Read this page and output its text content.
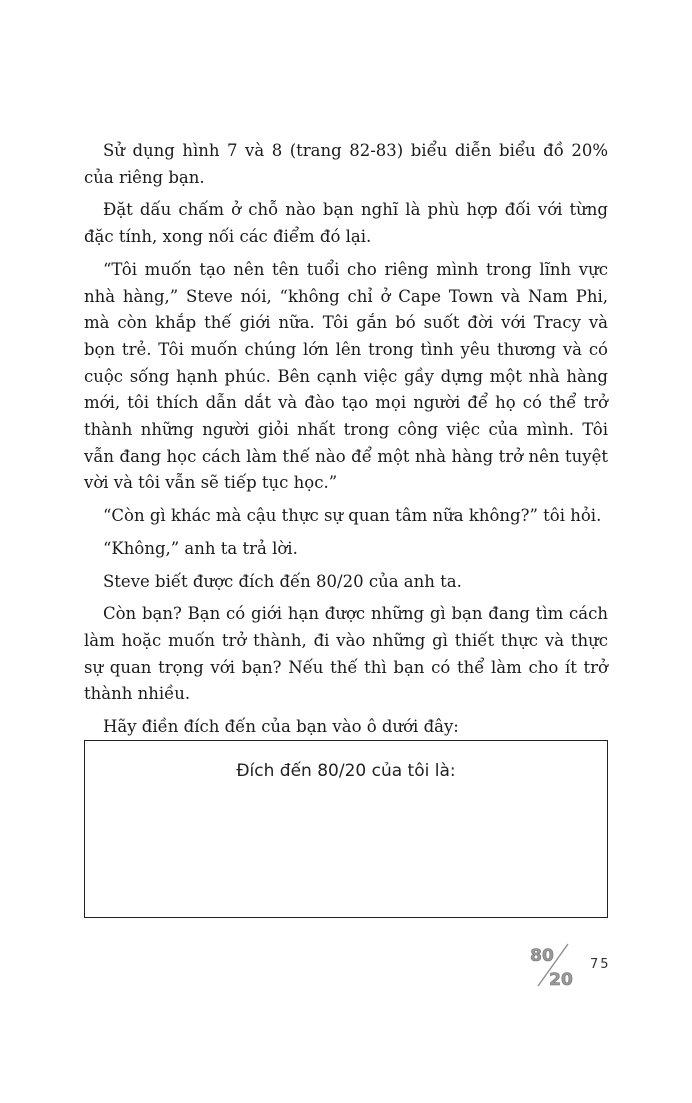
Sử dụng hình 7 và 8 (trang 82-83) biểu diễn biểu đồ 20% của riêng bạn.

Đặt dấu chấm ở chỗ nào bạn nghĩ là phù hợp đối với từng đặc tính, xong nối các điểm đó lại.

“Tôi muốn tạo nên tên tuổi cho riêng mình trong lĩnh vực nhà hàng,” Steve nói, “không chỉ ở Cape Town và Nam Phi, mà còn khắp thế giới nữa. Tôi gắn bó suốt đời với Tracy và bọn trẻ. Tôi muốn chúng lớn lên trong tình yêu thương và có cuộc sống hạnh phúc. Bên cạnh việc gầy dựng một nhà hàng mới, tôi thích dẫn dắt và đào tạo mọi người để họ có thể trở thành những người giỏi nhất trong công việc của mình. Tôi vẫn đang học cách làm thế nào để một nhà hàng trở nên tuyệt vời và tôi vẫn sẽ tiếp tục học.”

“Còn gì khác mà cậu thực sự quan tâm nữa không?” tôi hỏi.

“Không,” anh ta trả lời.

Steve biết được đích đến 80/20 của anh ta.

Còn bạn? Bạn có giới hạn được những gì bạn đang tìm cách làm hoặc muốn trở thành, đi vào những gì thiết thực và thực sự quan trọng với bạn? Nếu thế thì bạn có thể làm cho ít trở thành nhiều.

Hãy điền đích đến của bạn vào ô dưới đây:

Đích đến 80/20 của tôi là:
80
20
75
